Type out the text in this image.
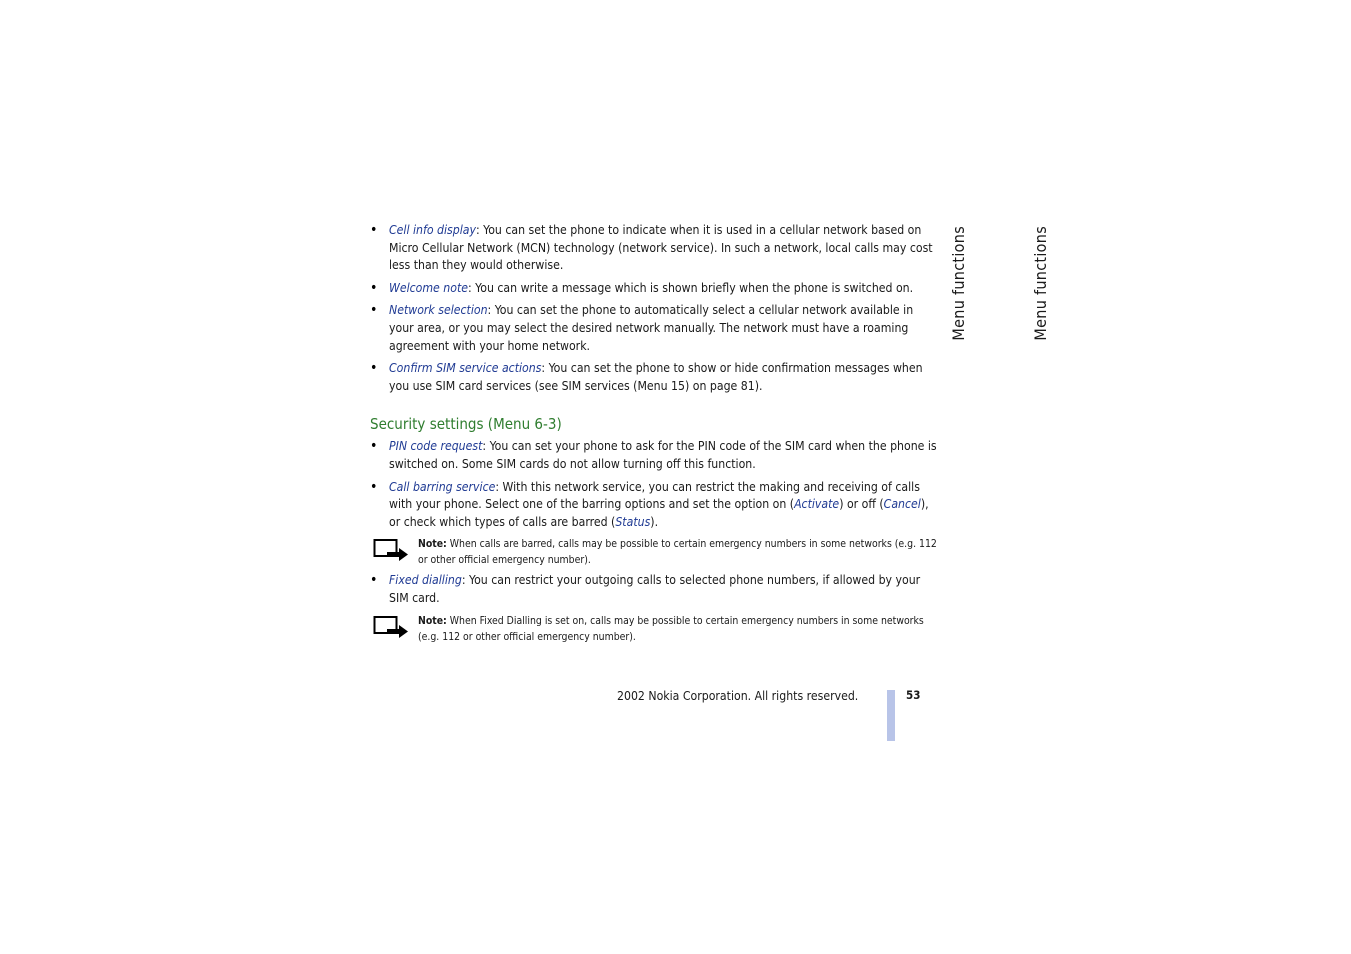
• Cell info display: You can set the phone to indicate when it is used in a cellular network based on Micro Cellular Network (MCN) technology (network service). In such a network, local calls may cost less than they would otherwise.
• Welcome note: You can write a message which is shown briefly when the phone is switched on.
• Network selection: You can set the phone to automatically select a cellular network available in your area, or you may select the desired network manually. The network must have a roaming agreement with your home network.
• Confirm SIM service actions: You can set the phone to show or hide confirmation messages when you use SIM card services (see SIM services (Menu 15) on page 81).
Security settings (Menu 6-3)
• PIN code request: You can set your phone to ask for the PIN code of the SIM card when the phone is switched on. Some SIM cards do not allow turning off this function.
• Call barring service: With this network service, you can restrict the making and receiving of calls with your phone. Select one of the barring options and set the option on (Activate) or off (Cancel), or check which types of calls are barred (Status).
Note: When calls are barred, calls may be possible to certain emergency numbers in some networks (e.g. 112 or other official emergency number).
• Fixed dialling: You can restrict your outgoing calls to selected phone numbers, if allowed by your SIM card.
Note: When Fixed Dialling is set on, calls may be possible to certain emergency numbers in some networks (e.g. 112 or other official emergency number).
Menu functions	Menu functions
2002 Nokia Corporation. All rights reserved.	53
